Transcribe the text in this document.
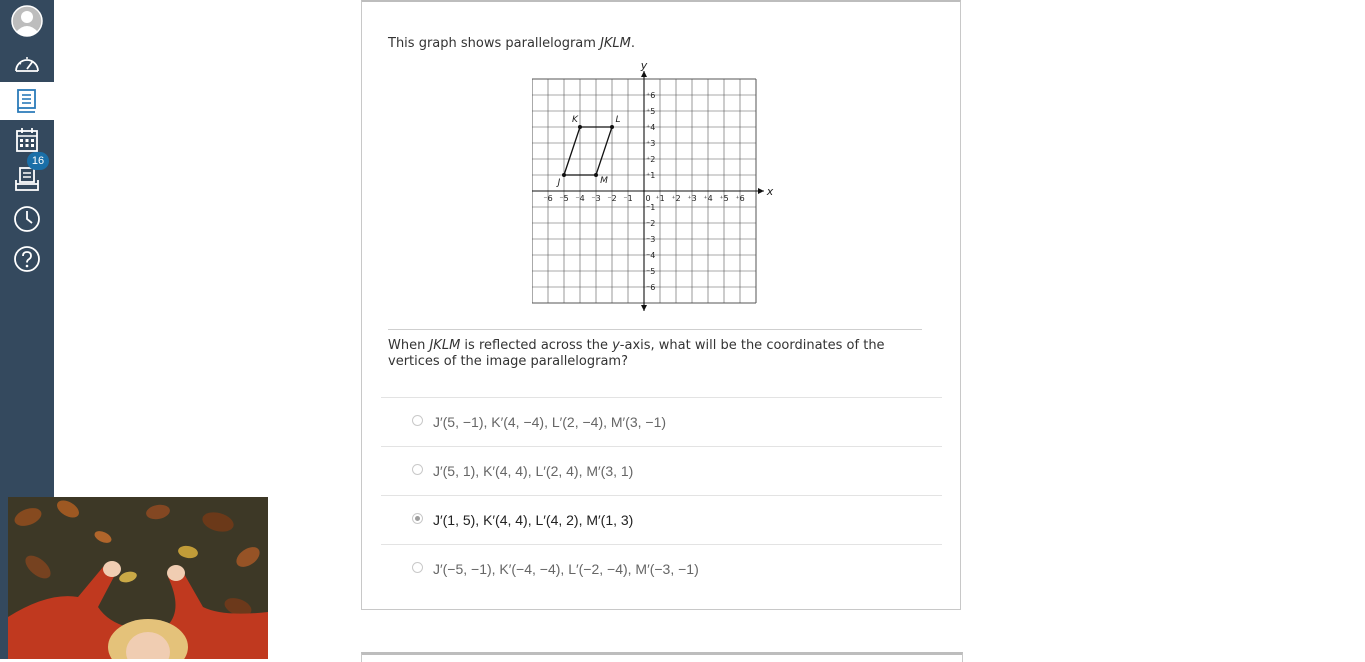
16
This graph shows parallelogram JKLM.
⁻6 ⁻5 ⁻4 ⁻3 ⁻2 ⁻1	⁺1 ⁺2 ⁺3 ⁺4 ⁺5 ⁺6
⁺1
⁺2
⁺3
⁺4
⁺5
⁺6
⁻1
⁻2
⁻3
⁻4
⁻5
⁻6
0
x
y
J
K	L
M
When JKLM is reflected across the y-axis, what will be the coordinates of the vertices of the image parallelogram?
J′(5, −1), K′(4, −4), L′(2, −4), M′(3, −1)
J′(5, 1), K′(4, 4), L′(2, 4), M′(3, 1)
J′(1, 5), K′(4, 4), L′(4, 2), M′(1, 3)
J′(−5, −1), K′(−4, −4), L′(−2, −4), M′(−3, −1)
